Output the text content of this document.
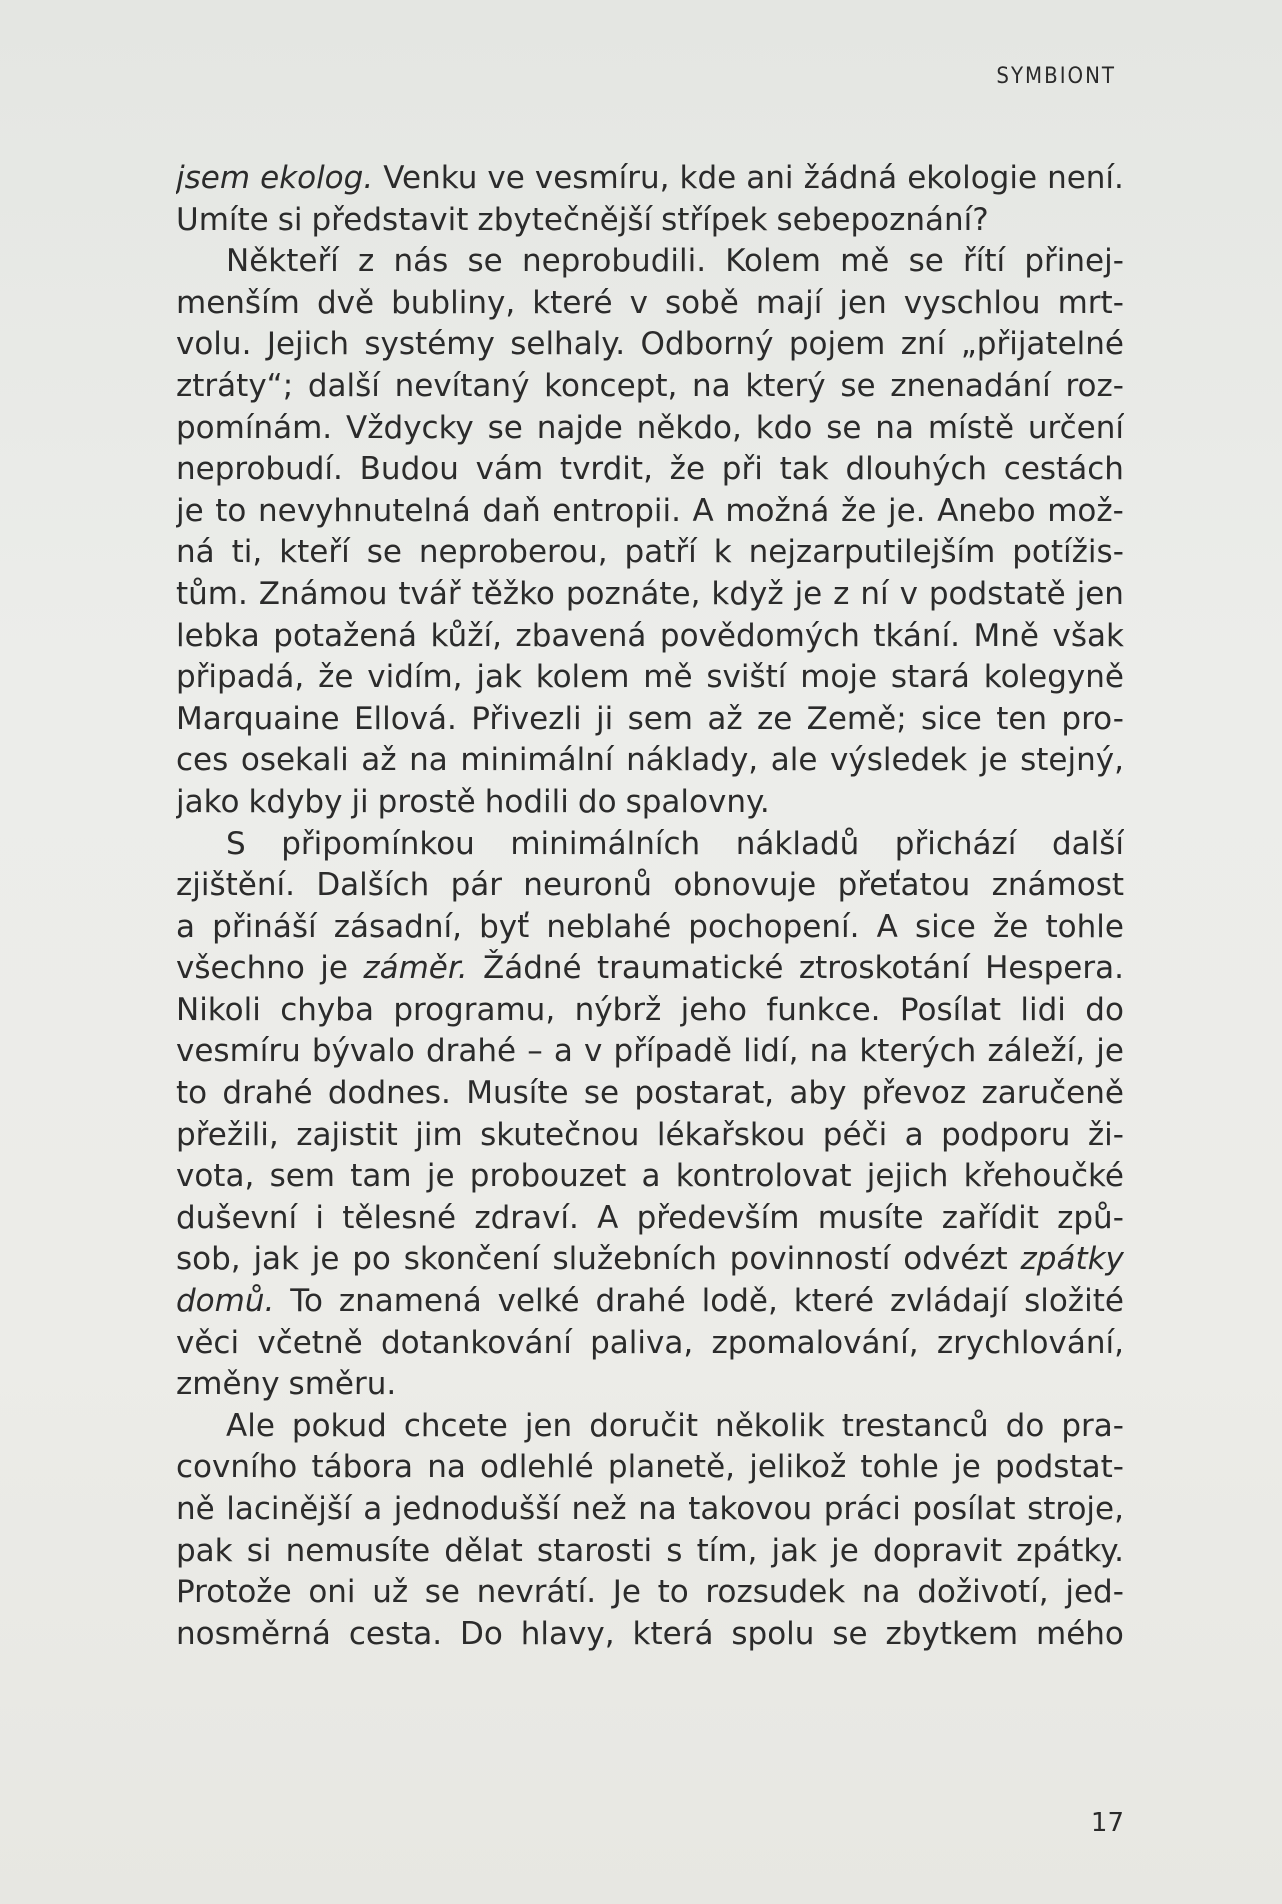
SYMBIONT
jsem ekolog. Venku ve vesmíru, kde ani žádná ekologie není.
Umíte si představit zbytečnější střípek sebepoznání?
Někteří z nás se neprobudili. Kolem mě se řítí přinej-
menším dvě bubliny, které v sobě mají jen vyschlou mrt-
volu. Jejich systémy selhaly. Odborný pojem zní „přijatelné
ztráty“; další nevítaný koncept, na který se znenadání roz-
pomínám. Vždycky se najde někdo, kdo se na místě určení
neprobudí. Budou vám tvrdit, že při tak dlouhých cestách
je to nevyhnutelná daň entropii. A možná že je. Anebo mož-
ná ti, kteří se neproberou, patří k nejzarputilejším potížis-
tům. Známou tvář těžko poznáte, když je z ní v podstatě jen
lebka potažená kůží, zbavená povědomých tkání. Mně však
připadá, že vidím, jak kolem mě sviští moje stará kolegyně
Marquaine Ellová. Přivezli ji sem až ze Země; sice ten pro-
ces osekali až na minimální náklady, ale výsledek je stejný,
jako kdyby ji prostě hodili do spalovny.
S připomínkou minimálních nákladů přichází další
zjištění. Dalších pár neuronů obnovuje přeťatou známost
a přináší zásadní, byť neblahé pochopení. A sice že tohle
všechno je záměr. Žádné traumatické ztroskotání Hespera.
Nikoli chyba programu, nýbrž jeho funkce. Posílat lidi do
vesmíru bývalo drahé – a v případě lidí, na kterých záleží, je
to drahé dodnes. Musíte se postarat, aby převoz zaručeně
přežili, zajistit jim skutečnou lékařskou péči a podporu ži-
vota, sem tam je probouzet a kontrolovat jejich křehoučké
duševní i tělesné zdraví. A především musíte zařídit způ-
sob, jak je po skončení služebních povinností odvézt zpátky
domů. To znamená velké drahé lodě, které zvládají složité
věci včetně dotankování paliva, zpomalování, zrychlování,
změny směru.
Ale pokud chcete jen doručit několik trestanců do pra-
covního tábora na odlehlé planetě, jelikož tohle je podstat-
ně lacinější a jednodušší než na takovou práci posílat stroje,
pak si nemusíte dělat starosti s tím, jak je dopravit zpátky.
Protože oni už se nevrátí. Je to rozsudek na doživotí, jed-
nosměrná cesta. Do hlavy, která spolu se zbytkem mého
17
